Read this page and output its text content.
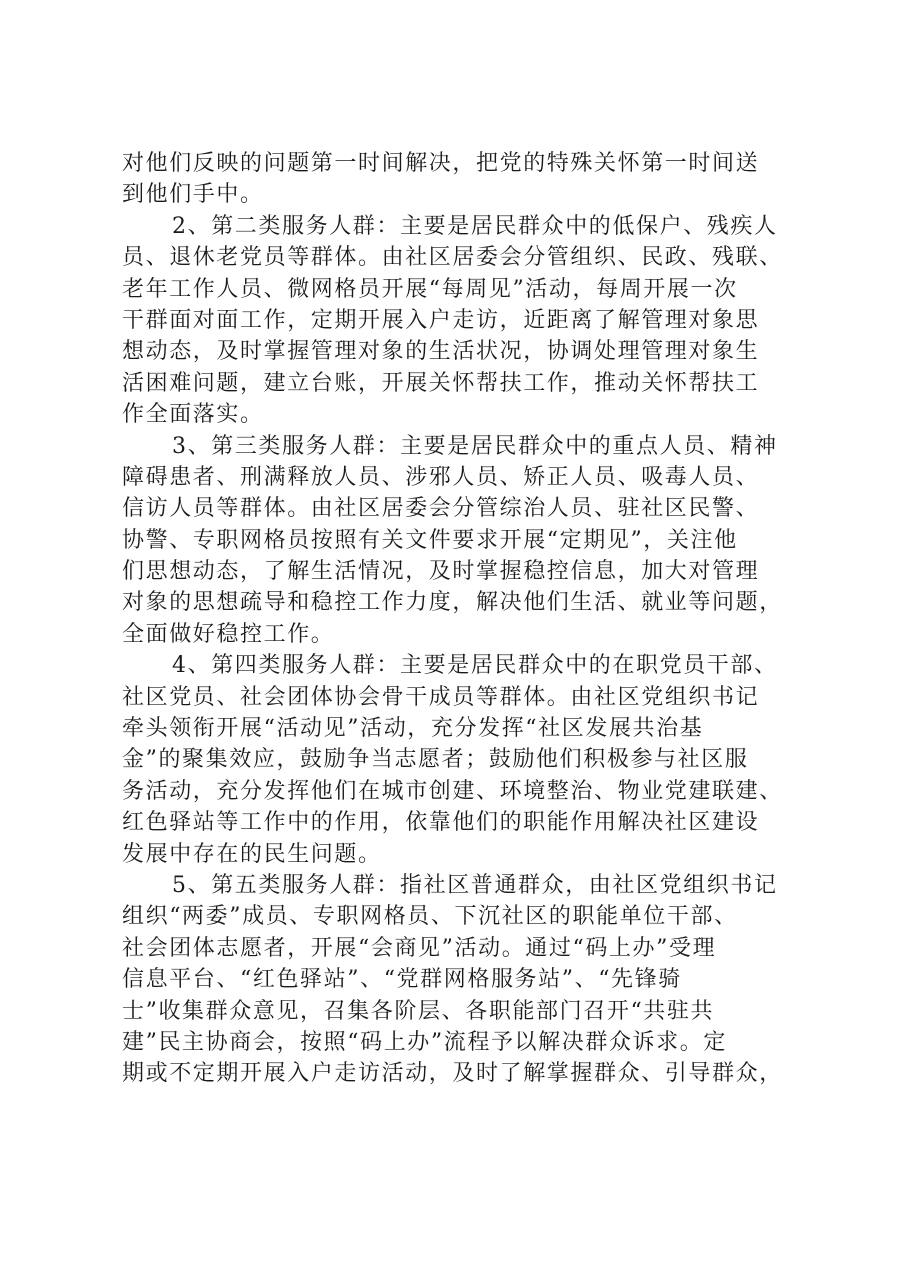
对他们反映的问题第一时间解决，把党的特殊关怀第一时间送
到他们手中。
2、第二类服务人群：主要是居民群众中的低保户、残疾人
员、退休老党员等群体。由社区居委会分管组织、民政、残联、
老年工作人员、微网格员开展“每周见”活动，每周开展一次
干群面对面工作，定期开展入户走访，近距离了解管理对象思
想动态，及时掌握管理对象的生活状况，协调处理管理对象生
活困难问题，建立台账，开展关怀帮扶工作，推动关怀帮扶工
作全面落实。
3、第三类服务人群：主要是居民群众中的重点人员、精神
障碍患者、刑满释放人员、涉邪人员、矫正人员、吸毒人员、
信访人员等群体。由社区居委会分管综治人员、驻社区民警、
协警、专职网格员按照有关文件要求开展“定期见”，关注他
们思想动态，了解生活情况，及时掌握稳控信息，加大对管理
对象的思想疏导和稳控工作力度，解决他们生活、就业等问题，
全面做好稳控工作。
4、第四类服务人群：主要是居民群众中的在职党员干部、
社区党员、社会团体协会骨干成员等群体。由社区党组织书记
牵头领衔开展“活动见”活动，充分发挥“社区发展共治基
金”的聚集效应，鼓励争当志愿者；鼓励他们积极参与社区服
务活动，充分发挥他们在城市创建、环境整治、物业党建联建、
红色驿站等工作中的作用，依靠他们的职能作用解决社区建设
发展中存在的民生问题。
5、第五类服务人群：指社区普通群众，由社区党组织书记
组织“两委”成员、专职网格员、下沉社区的职能单位干部、
社会团体志愿者，开展“会商见”活动。通过“码上办”受理
信息平台、“红色驿站”、“党群网格服务站”、“先锋骑
士”收集群众意见，召集各阶层、各职能部门召开“共驻共
建”民主协商会，按照“码上办”流程予以解决群众诉求。定
期或不定期开展入户走访活动，及时了解掌握群众、引导群众，
